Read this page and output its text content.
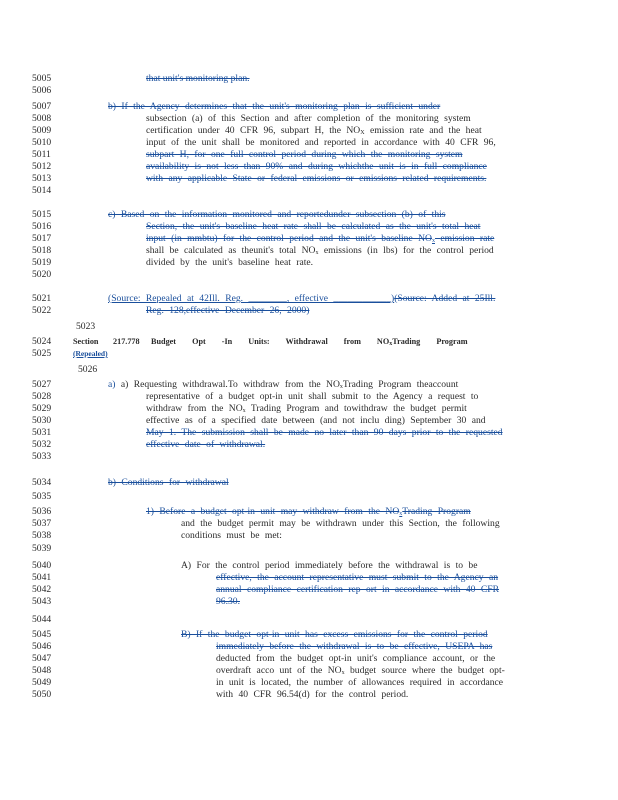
that unit's monitoring plan.
b) If the Agency determines that the unit's monitoring plan is sufficient under
subsection (a) of this Section and after completion of the monitoring system
certification under 40 CFR 96, subpart H, the NOX emission rate and the heat
input of the unit shall be monitored and reported in accordance with 40 CFR 96,
subpart H, for one full control period during which the monitoring system
availability is not less than 90% and during whichthe unit is in full compliance
with any applicable State or federal emissions or emissions related requirements.
c) Based on the information monitored and reportedunder subsection (b) of this
Section, the unit's baseline heat rate shall be calculated as the unit's total heat
input (in mmbtu) for the control period and the unit's baseline NOx emission rate
shall be calculated as theunit's total NOx emissions (in lbs) for the control period
divided by the unit's baseline heat rate.
(Source: Repealed at 42Ill. Reg. ________, effective ____________)(Source: Added at 25Ill.
Reg. 128,effective December 26, 2000)
Section 217.778 Budget Opt -In Units: Withdrawal from NOxTrading Program
(Repealed)
a) a) Requesting withdrawal.To withdraw from the NOxTrading Program theaccount
representative of a budget opt-in unit shall submit to the Agency a request to
withdraw from the NOx Trading Program and towithdraw the budget permit
effective as of a specified date between (and not inclu ding) September 30 and
May 1. The submission shall be made no later than 90 days prior to the requested
effective date of withdrawal.
b) Conditions for withdrawal
1) Before a budget opt-in unit may withdraw from the NOxTrading Program
and the budget permit may be withdrawn under this Section, the following
conditions must be met:
A) For the control period immediately before the withdrawal is to be
effective, the account representative must submit to the Agency an
annual compliance certification rep ort in accordance with 40 CFR
96.30.
B) If the budget opt-in unit has excess emissions for the control period
immediately before the withdrawal is to be effective, USEPA has
deducted from the budget opt-in unit's compliance account, or the
overdraft acco unt of the NOx budget source where the budget opt-
in unit is located, the number of allowances required in accordance
with 40 CFR 96.54(d) for the control period.
5005
5006
5007
5008
5009
5010
5011
5012
5013
5014
5015
5016
5017
5018
5019
5020
5021
5022
5023
5024
5025
5026
5027
5028
5029
5030
5031
5032
5033
5034
5035
5036
5037
5038
5039
5040
5041
5042
5043
5044
5045
5046
5047
5048
5049
5050
